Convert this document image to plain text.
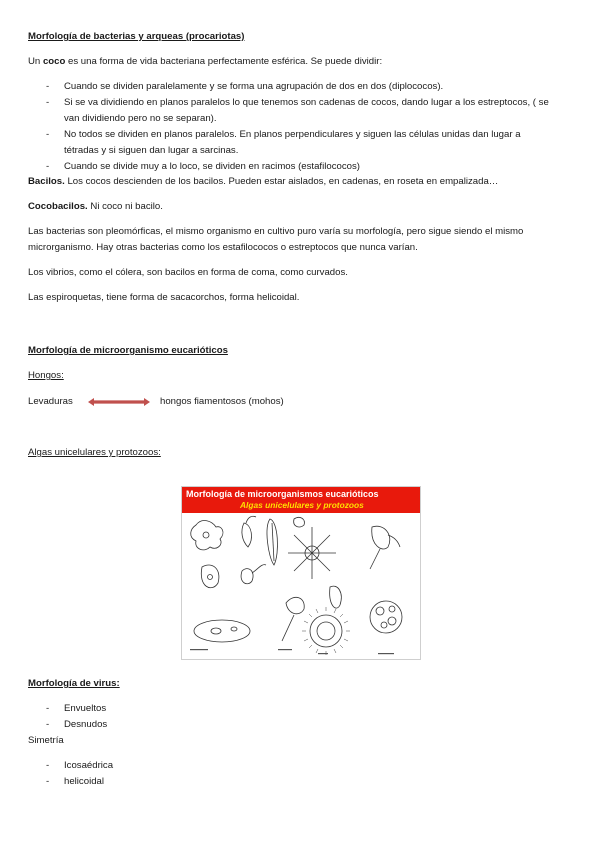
Morfología de bacterias y arqueas (procariotas)
Un coco es una forma de vida bacteriana perfectamente esférica. Se puede dividir:
- Cuando se dividen paralelamente y se forma una agrupación de dos en dos (diplococos).
- Si se va dividiendo en planos paralelos lo que tenemos son cadenas de cocos, dando lugar a los estreptocos, ( se
van dividiendo pero no se separan).
- No todos se dividen en planos paralelos. En planos perpendiculares y siguen las células unidas dan lugar a
tétradas y si siguen dan lugar a sarcinas.
- Cuando se divide muy a lo loco, se dividen en racimos (estafilococos)
Bacilos. Los cocos descienden de los bacilos. Pueden estar aislados, en cadenas, en roseta en empalizada…
Cocobacilos. Ni coco ni bacilo.
Las bacterias son pleomórficas, el mismo organismo en cultivo puro varía su morfología, pero sigue siendo el mismo
microrganismo. Hay otras bacterias como los estafilococos o estreptocos que nunca varían.
Los vibrios, como el cólera, son bacilos en forma de coma, como curvados.
Las espiroquetas, tiene forma de sacacorchos, forma helicoidal.
Morfología de microorganismo eucarióticos
Hongos:
Levaduras	hongos fiamentosos (mohos)
Algas unicelulares y protozoos:
Morfología de microorganismos eucarióticos
Algas unicelulares y protozoos
Morfología de virus:
- Envueltos
- Desnudos
Simetría
- Icosaédrica
- helicoidal
